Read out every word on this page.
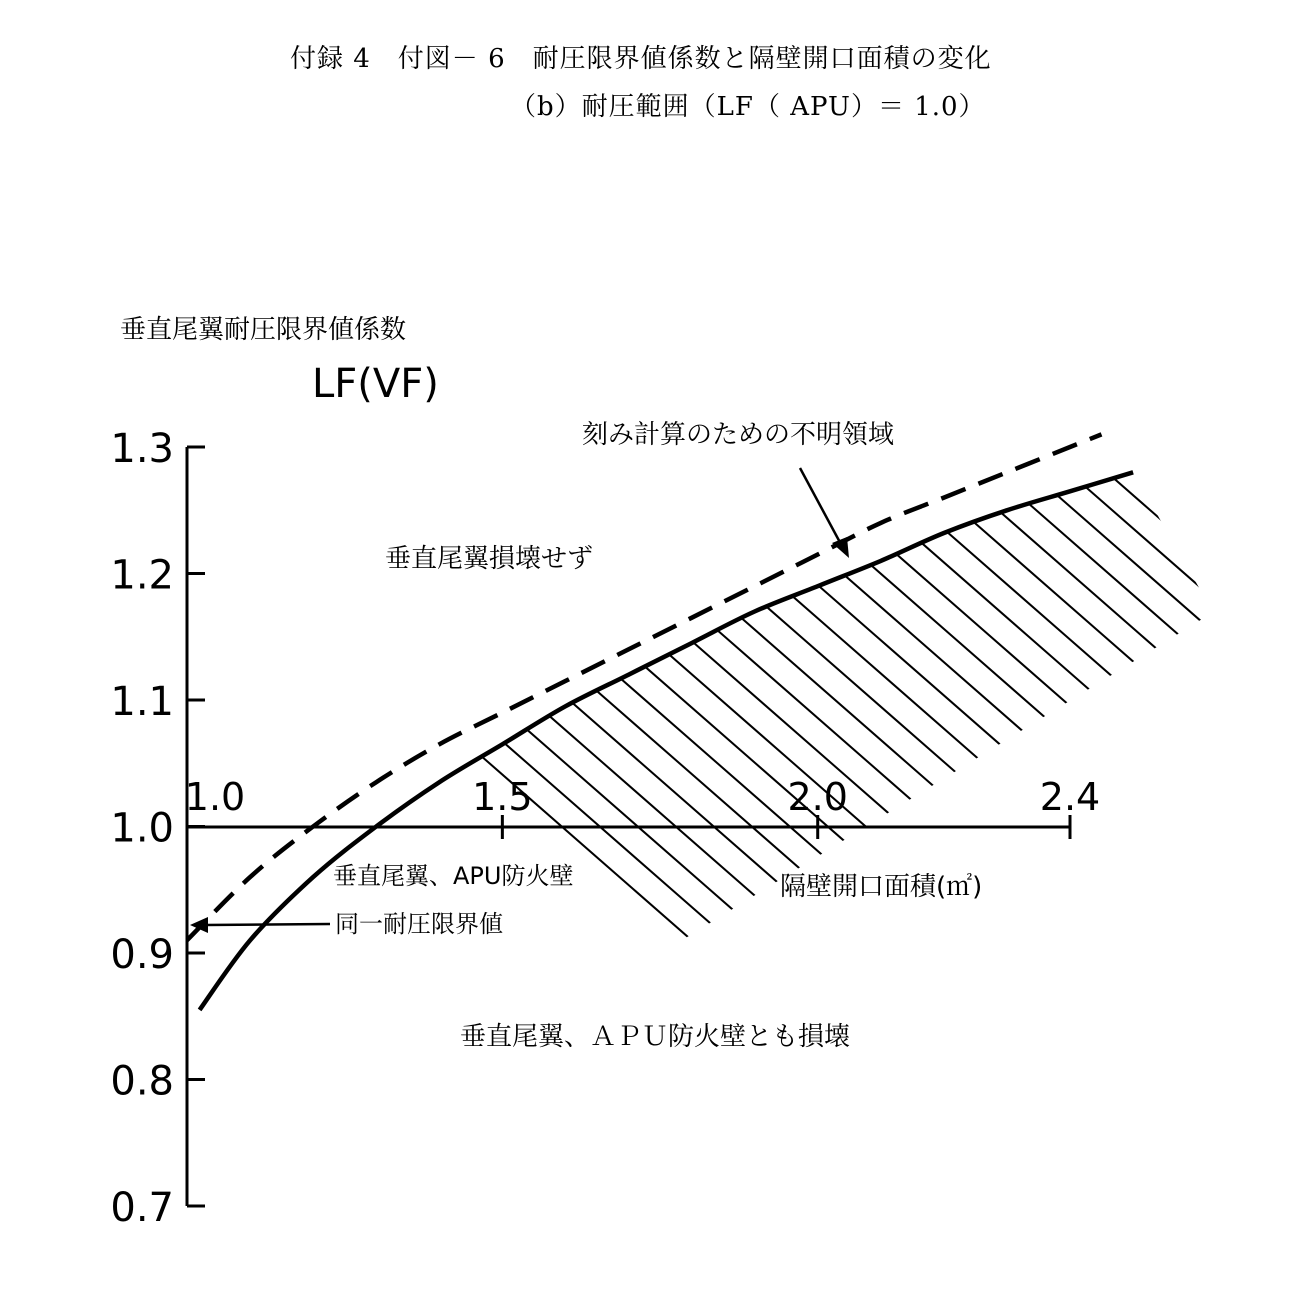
付録 4　付図－ 6　耐圧限界値係数と隔壁開口面積の変化
（b）耐圧範囲（LF（ APU）＝ 1.0）
1.3
1.2
1.1
1.0
0.9
0.8
0.7
1.0	1.5	2.0	2.4
垂直尾翼耐圧限界値係数
LF(VF)
隔壁開口面積(㎡)
刻み計算のための不明領域
垂直尾翼損壊せず
垂直尾翼、APU防火壁
同一耐圧限界値
垂直尾翼、ＡＰＵ防火壁とも損壊
